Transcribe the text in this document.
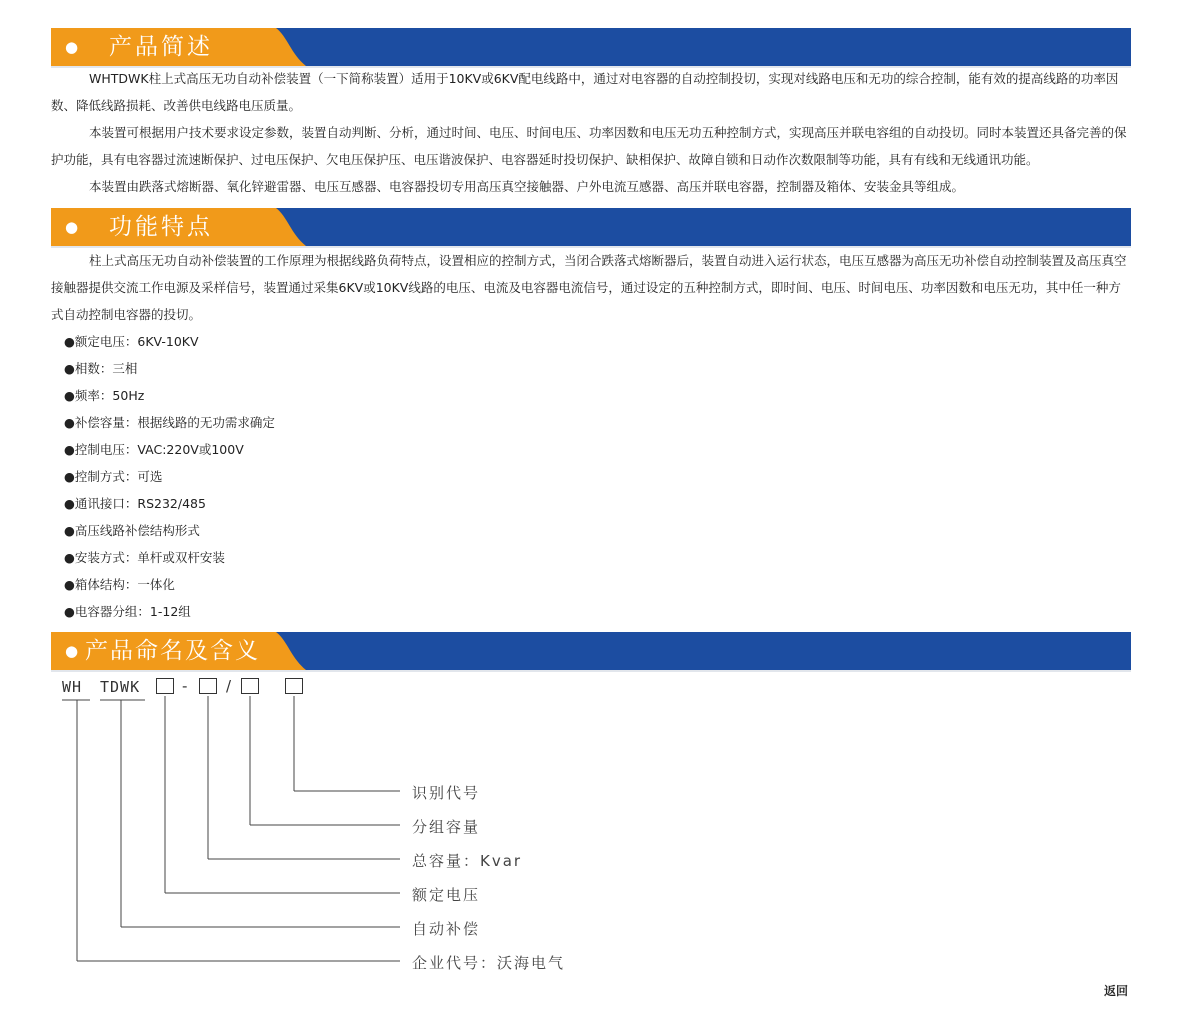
● 产品简述

WHTDWK柱上式高压无功自动补偿装置（一下简称装置）适用于10KV或6KV配电线路中，通过对电容器的自动控制投切，实现对线路电压和无功的综合控制，能有效的提高线路的功率因数、降低线路损耗、改善供电线路电压质量。

本装置可根据用户技术要求设定参数，装置自动判断、分析，通过时间、电压、时间电压、功率因数和电压无功五种控制方式，实现高压并联电容组的自动投切。同时本装置还具备完善的保护功能，具有电容器过流速断保护、过电压保护、欠电压保护压、电压谐波保护、电容器延时投切保护、缺相保护、故障自锁和日动作次数限制等功能，具有有线和无线通讯功能。

本装置由跌落式熔断器、氧化锌避雷器、电压互感器、电容器投切专用高压真空接触器、户外电流互感器、高压并联电容器，控制器及箱体、安装金具等组成。

● 功能特点

柱上式高压无功自动补偿装置的工作原理为根据线路负荷特点，设置相应的控制方式，当闭合跌落式熔断器后，装置自动进入运行状态，电压互感器为高压无功补偿自动控制装置及高压真空接触器提供交流工作电源及采样信号，装置通过采集6KV或10KV线路的电压、电流及电容器电流信号，通过设定的五种控制方式，即时间、电压、时间电压、功率因数和电压无功，其中任一种方式自动控制电容器的投切。

●额定电压：6KV-10KV
●相数：三相
●频率：50Hz
●补偿容量：根据线路的无功需求确定
●控制电压：VAC:220V或100V
●控制方式：可选
●通讯接口：RS232/485
●高压线路补偿结构形式
●安装方式：单杆或双杆安装
●箱体结构：一体化
●电容器分组：1-12组
● 产品命名及含义
WH TDWK	-	/
识别代号
分组容量
总容量：Kvar
额定电压
自动补偿
企业代号：沃海电气
返回
